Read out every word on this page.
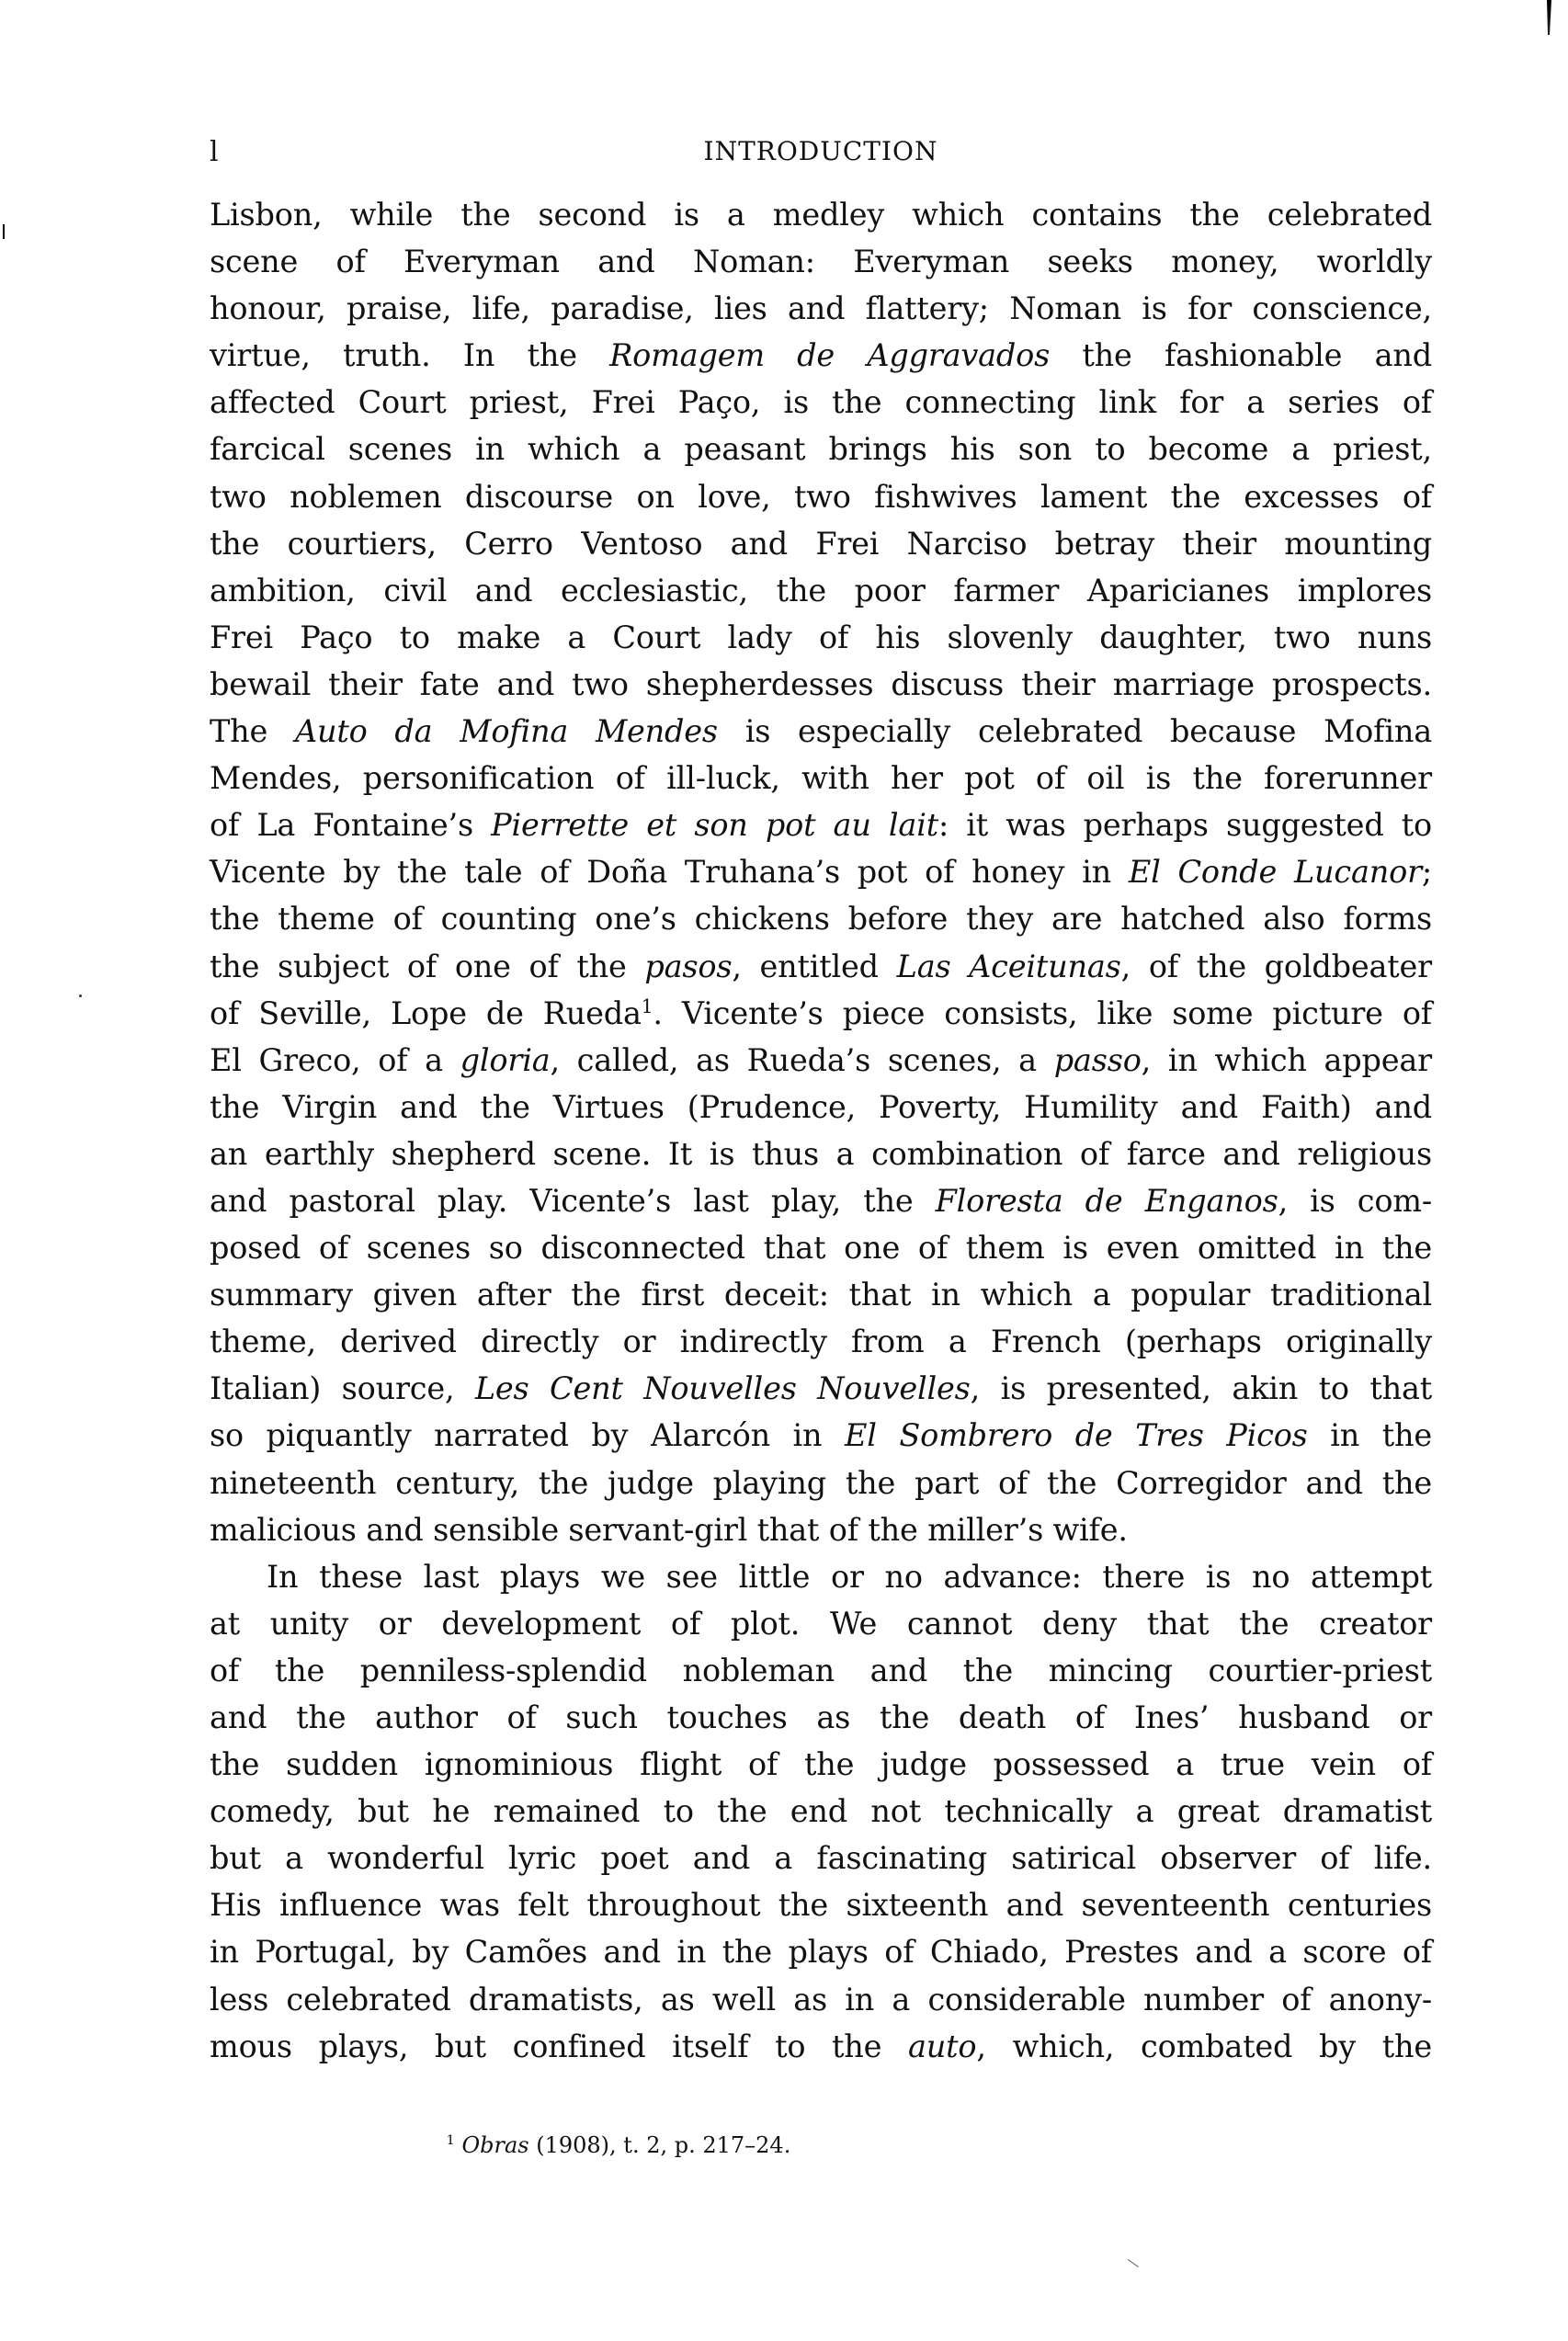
l	INTRODUCTION
Lisbon, while the second is a medley which contains the celebrated
scene of Everyman and Noman: Everyman seeks money, worldly
honour, praise, life, paradise, lies and flattery; Noman is for conscience,
virtue, truth. In the Romagem de Aggravados the fashionable and
affected Court priest, Frei Paço, is the connecting link for a series of
farcical scenes in which a peasant brings his son to become a priest,
two noblemen discourse on love, two fishwives lament the excesses of
the courtiers, Cerro Ventoso and Frei Narciso betray their mounting
ambition, civil and ecclesiastic, the poor farmer Aparicianes implores
Frei Paço to make a Court lady of his slovenly daughter, two nuns
bewail their fate and two shepherdesses discuss their marriage prospects.
The Auto da Mofina Mendes is especially celebrated because Mofina
Mendes, personification of ill-luck, with her pot of oil is the forerunner
of La Fontaine’s Pierrette et son pot au lait: it was perhaps suggested to
Vicente by the tale of Doña Truhana’s pot of honey in El Conde Lucanor;
the theme of counting one’s chickens before they are hatched also forms
the subject of one of the pasos, entitled Las Aceitunas, of the goldbeater
of Seville, Lope de Rueda$^1$. Vicente’s piece consists, like some picture of
El Greco, of a gloria, called, as Rueda’s scenes, a passo, in which appear
the Virgin and the Virtues (Prudence, Poverty, Humility and Faith) and
an earthly shepherd scene. It is thus a combination of farce and religious
and pastoral play. Vicente’s last play, the Floresta de Enganos, is com-
posed of scenes so disconnected that one of them is even omitted in the
summary given after the first deceit: that in which a popular traditional
theme, derived directly or indirectly from a French (perhaps originally
Italian) source, Les Cent Nouvelles Nouvelles, is presented, akin to that
so piquantly narrated by Alarcón in El Sombrero de Tres Picos in the
nineteenth century, the judge playing the part of the Corregidor and the
malicious and sensible servant-girl that of the miller’s wife.
In these last plays we see little or no advance: there is no attempt
at unity or development of plot. We cannot deny that the creator
of the penniless-splendid nobleman and the mincing courtier-priest
and the author of such touches as the death of Ines’ husband or
the sudden ignominious flight of the judge possessed a true vein of
comedy, but he remained to the end not technically a great dramatist
but a wonderful lyric poet and a fascinating satirical observer of life.
His influence was felt throughout the sixteenth and seventeenth centuries
in Portugal, by Camões and in the plays of Chiado, Prestes and a score of
less celebrated dramatists, as well as in a considerable number of anony-
mous plays, but confined itself to the auto, which, combated by the
$^1$ Obras (1908), t. 2, p. 217–24.
